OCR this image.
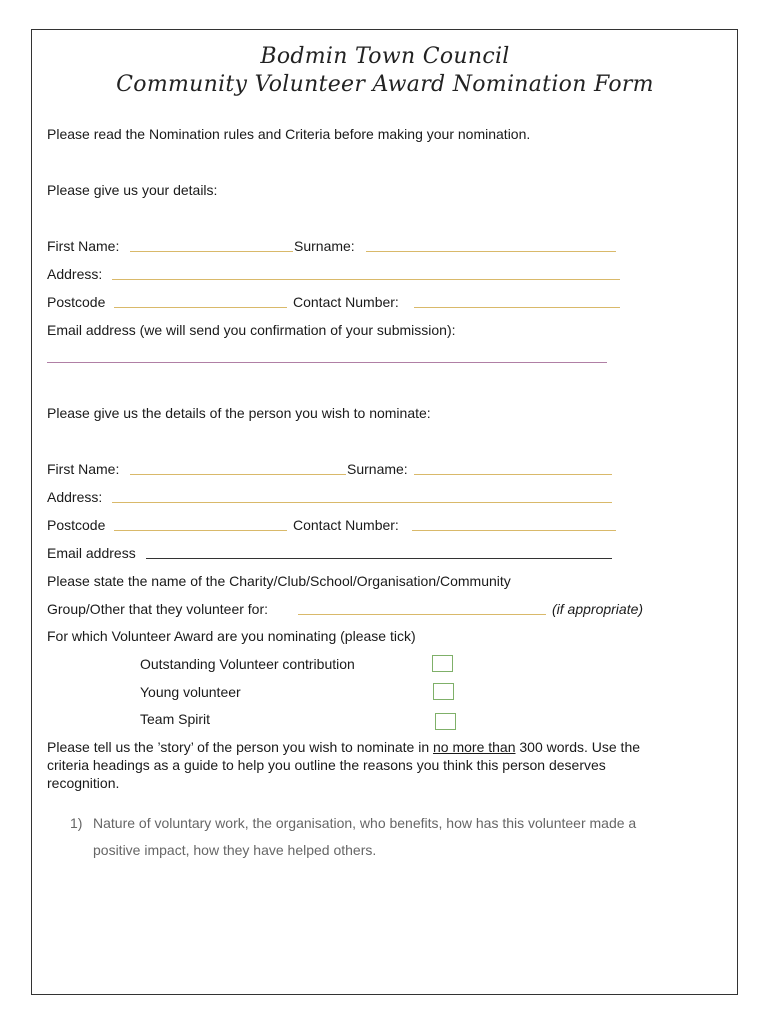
Bodmin Town Council
Community Volunteer Award Nomination Form
Please read the Nomination rules and Criteria before making your nomination.
Please give us your details:
First Name:	Surname:
Address:
Postcode	Contact Number:
Email address (we will send you confirmation of your submission):
Please give us the details of the person you wish to nominate:
First Name:	Surname:
Address:
Postcode	Contact Number:
Email address
Please state the name of the Charity/Club/School/Organisation/Community
Group/Other that they volunteer for:	(if appropriate)
For which Volunteer Award are you nominating (please tick)
Outstanding Volunteer contribution
Young volunteer
Team Spirit
Please tell us the ’story’ of the person you wish to nominate in no more than 300 words. Use the
criteria headings as a guide to help you outline the reasons you think this person deserves
recognition.
1) Nature of voluntary work, the organisation, who benefits, how has this volunteer made a
positive impact, how they have helped others.
